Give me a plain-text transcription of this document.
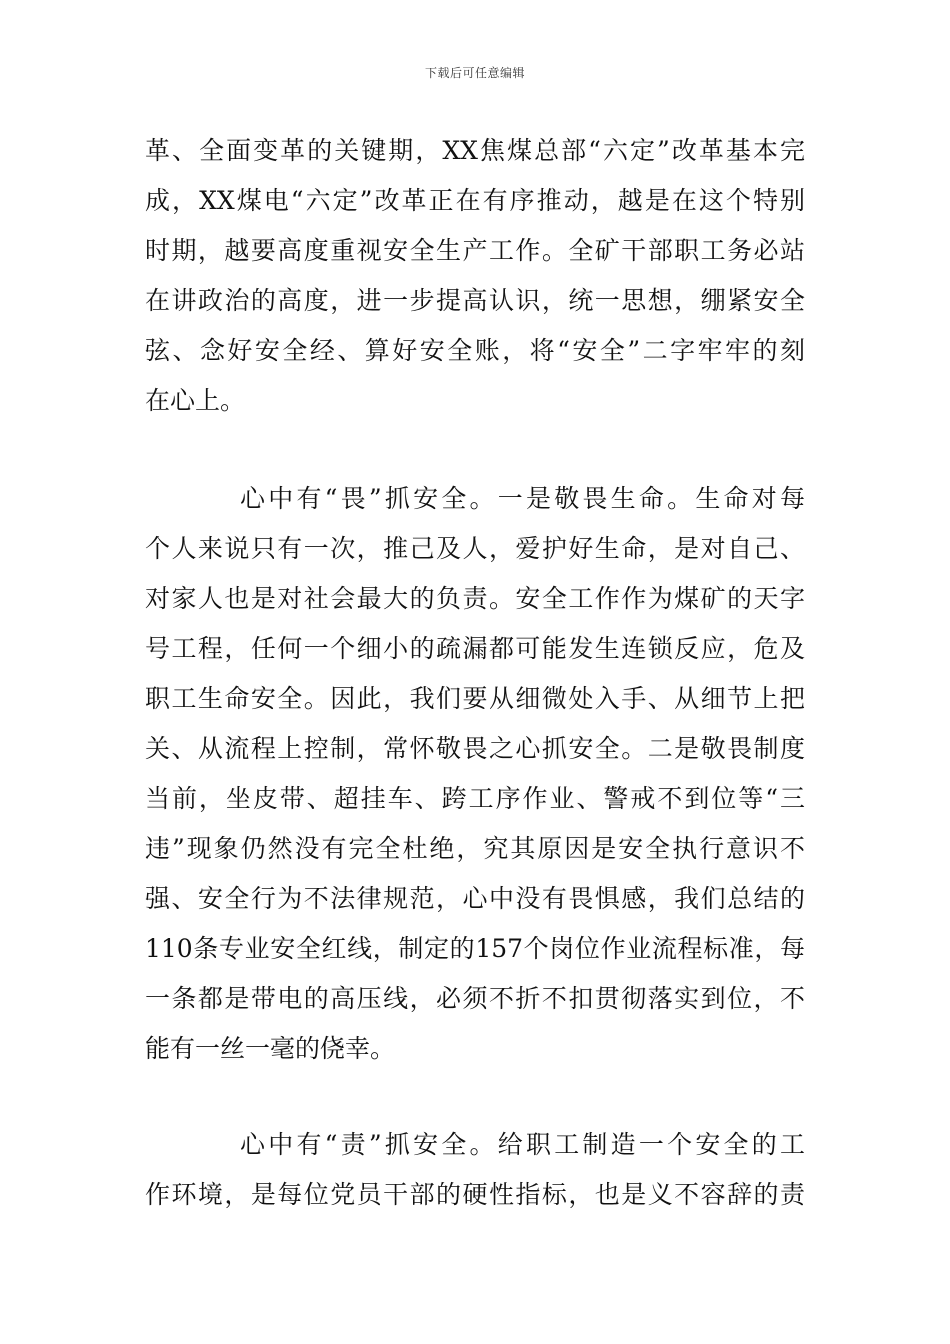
下载后可任意编辑
革、全面变革的关键期，XX焦煤总部“六定”改革基本完
成，XX煤电“六定”改革正在有序推动，越是在这个特别
时期，越要高度重视安全生产工作。全矿干部职工务必站
在讲政治的高度，进一步提高认识，统一思想，绷紧安全
弦、念好安全经、算好安全账，将“安全”二字牢牢的刻
在心上。
心中有“畏”抓安全。一是敬畏生命。生命对每
个人来说只有一次，推己及人，爱护好生命，是对自己、
对家人也是对社会最大的负责。安全工作作为煤矿的天字
号工程，任何一个细小的疏漏都可能发生连锁反应，危及
职工生命安全。因此，我们要从细微处入手、从细节上把
关、从流程上控制，常怀敬畏之心抓安全。二是敬畏制度
当前，坐皮带、超挂车、跨工序作业、警戒不到位等“三
违”现象仍然没有完全杜绝，究其原因是安全执行意识不
强、安全行为不法律规范，心中没有畏惧感，我们总结的
110条专业安全红线，制定的157个岗位作业流程标准，每
一条都是带电的高压线，必须不折不扣贯彻落实到位，不
能有一丝一毫的侥幸。
心中有“责”抓安全。给职工制造一个安全的工
作环境，是每位党员干部的硬性指标，也是义不容辞的责
